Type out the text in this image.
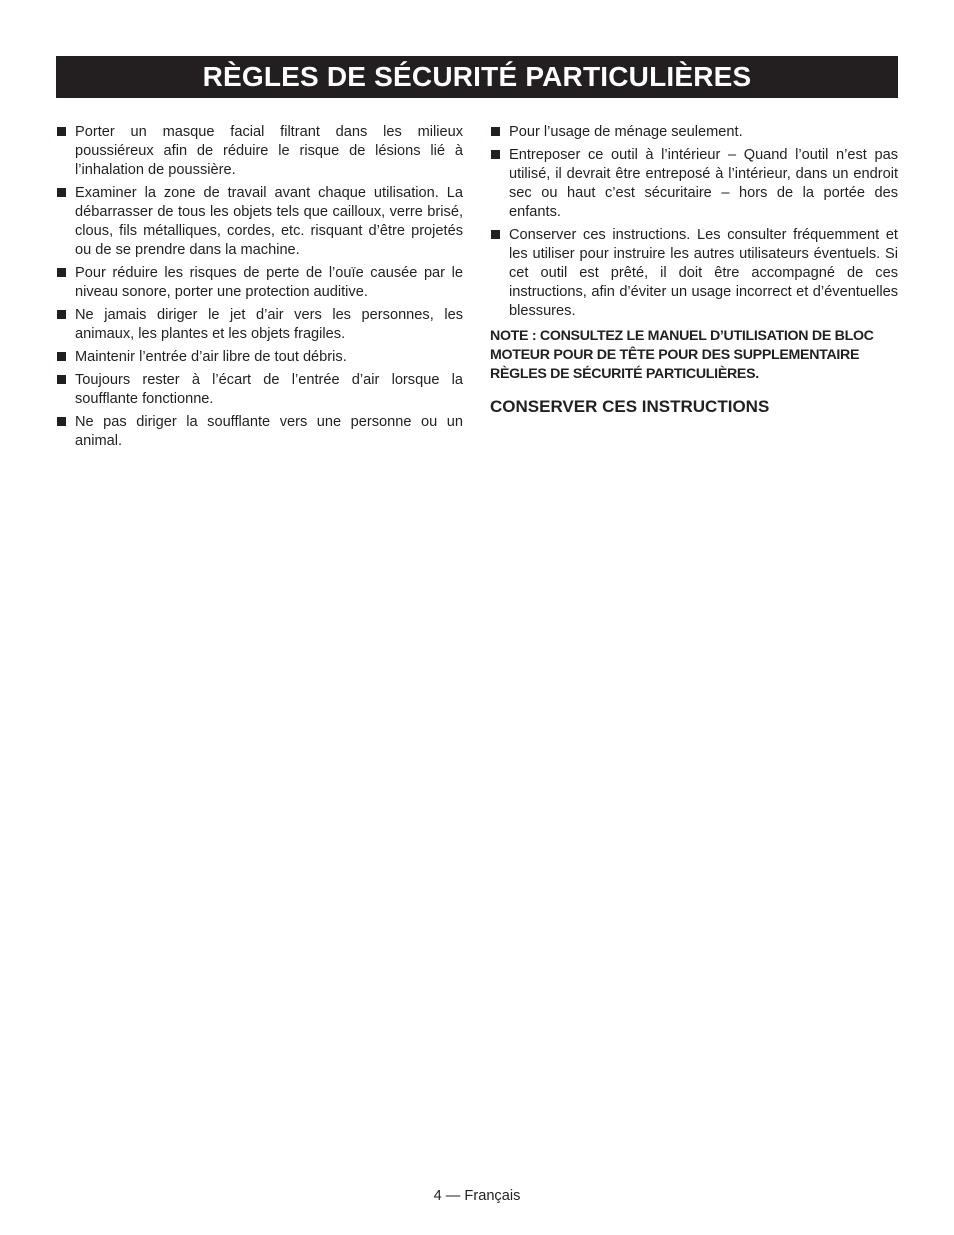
RÈGLES DE SÉCURITÉ PARTICULIÈRES
Porter un masque facial filtrant dans les milieux poussiéreux afin de réduire le risque de lésions lié à l’inhalation de poussière.
Examiner la zone de travail avant chaque utilisation. La débarrasser de tous les objets tels que cailloux, verre brisé, clous, fils métalliques, cordes, etc. risquant d’être projetés ou de se prendre dans la machine.
Pour réduire les risques de perte de l’ouïe causée par le niveau sonore, porter une protection auditive.
Ne jamais diriger le jet d’air vers les personnes, les animaux, les plantes et les objets fragiles.
Maintenir l’entrée d’air libre de tout débris.
Toujours rester à l’écart de l’entrée d’air lorsque la soufflante fonctionne.
Ne pas diriger la soufflante vers une personne ou un animal.
Pour l’usage de ménage seulement.
Entreposer ce outil à l’intérieur – Quand l’outil n’est pas utilisé, il devrait être entreposé à l’intérieur, dans un endroit sec ou haut c’est sécuritaire – hors de la portée des enfants.
Conserver ces instructions. Les consulter fréquemment et les utiliser pour instruire les autres utilisateurs éventuels. Si cet outil est prêté, il doit être accompagné de ces instructions, afin d’éviter un usage incorrect et d’éventuelles blessures.
NOTE : CONSULTEZ LE MANUEL D’UTILISATION DE BLOC MOTEUR POUR DE TÊTE POUR DES SUPPLEMENTAIRE RÈGLES DE SÉCURITÉ PARTICULIÈRES.
CONSERVER CES INSTRUCTIONS
4 — Français
